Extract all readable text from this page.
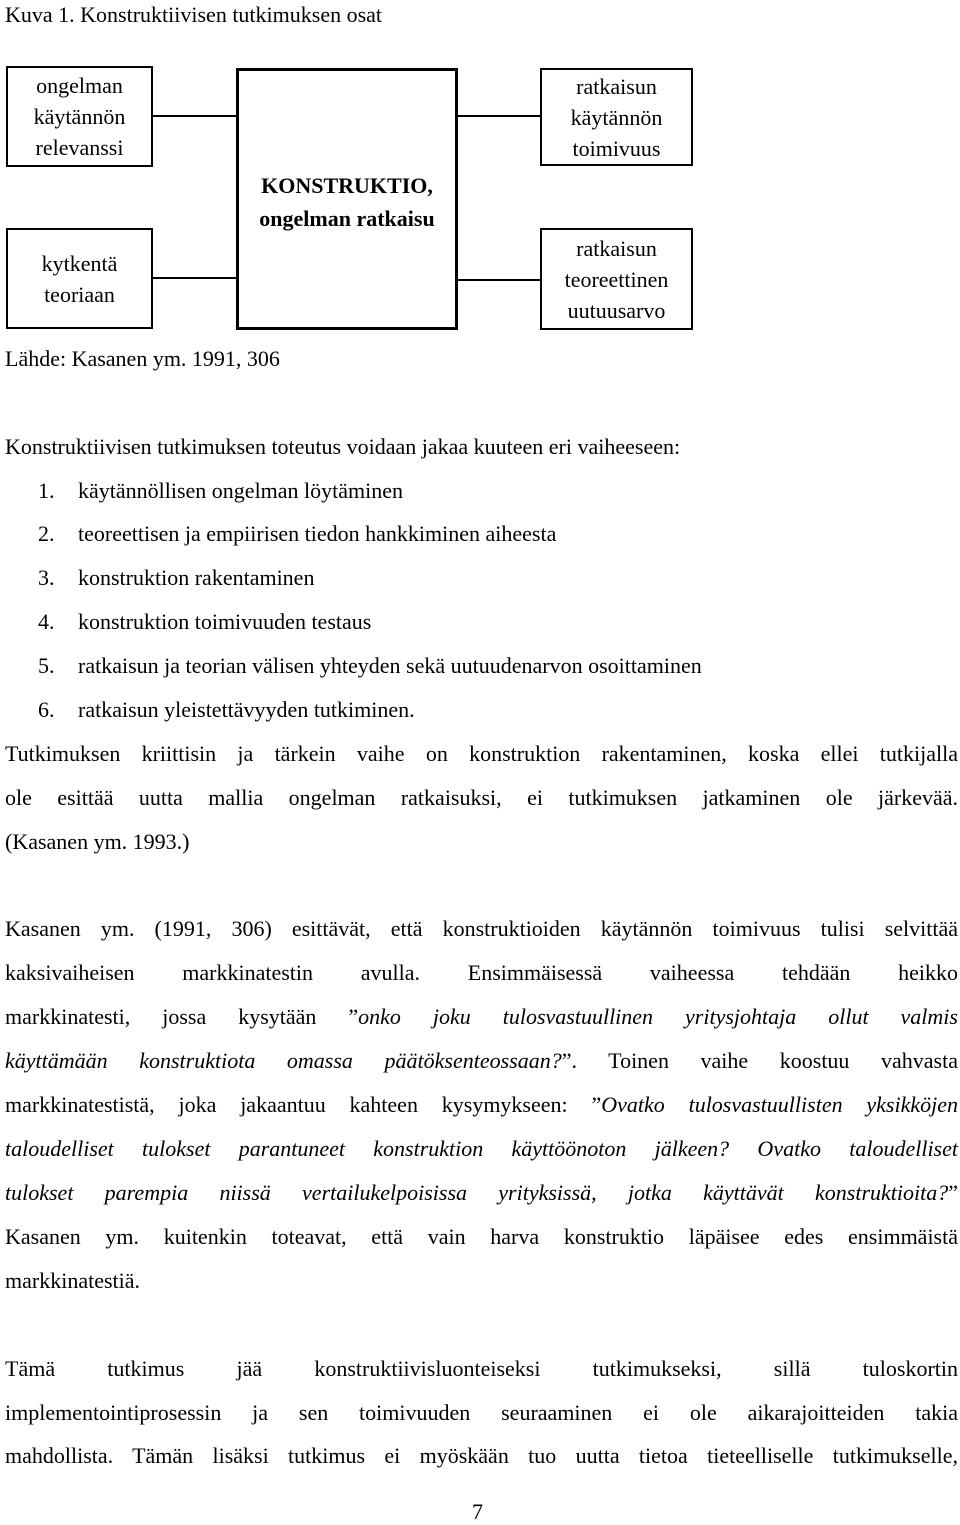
Kuva 1. Konstruktiivisen tutkimuksen osat
ongelman
käytännön
relevanssi
kytkentä
teoriaan
KONSTRUKTIO,
ongelman ratkaisu
ratkaisun
käytännön
toimivuus
ratkaisun
teoreettinen
uutuusarvo
Lähde: Kasanen ym. 1991, 306
Konstruktiivisen tutkimuksen toteutus voidaan jakaa kuuteen eri vaiheeseen:
1. käytännöllisen ongelman löytäminen
2. teoreettisen ja empiirisen tiedon hankkiminen aiheesta
3. konstruktion rakentaminen
4. konstruktion toimivuuden testaus
5. ratkaisun ja teorian välisen yhteyden sekä uutuudenarvon osoittaminen
6. ratkaisun yleistettävyyden tutkiminen.
Tutkimuksen kriittisin ja tärkein vaihe on konstruktion rakentaminen, koska ellei tutkijalla
ole esittää uutta mallia ongelman ratkaisuksi, ei tutkimuksen jatkaminen ole järkevää.
(Kasanen ym. 1993.)
Kasanen ym. (1991, 306) esittävät, että konstruktioiden käytännön toimivuus tulisi selvittää
kaksivaiheisen markkinatestin avulla. Ensimmäisessä vaiheessa tehdään heikko
markkinatesti, jossa kysytään ”onko joku tulosvastuullinen yritysjohtaja ollut valmis
käyttämään konstruktiota omassa päätöksenteossaan?”. Toinen vaihe koostuu vahvasta
markkinatestistä, joka jakaantuu kahteen kysymykseen: ”Ovatko tulosvastuullisten yksikköjen
taloudelliset tulokset parantuneet konstruktion käyttöönoton jälkeen? Ovatko taloudelliset
tulokset parempia niissä vertailukelpoisissa yrityksissä, jotka käyttävät konstruktioita?”
Kasanen ym. kuitenkin toteavat, että vain harva konstruktio läpäisee edes ensimmäistä
markkinatestiä.
Tämä tutkimus jää konstruktiivisluonteiseksi tutkimukseksi, sillä tuloskortin
implementointiprosessin ja sen toimivuuden seuraaminen ei ole aikarajoitteiden takia
mahdollista. Tämän lisäksi tutkimus ei myöskään tuo uutta tietoa tieteelliselle tutkimukselle,
7
